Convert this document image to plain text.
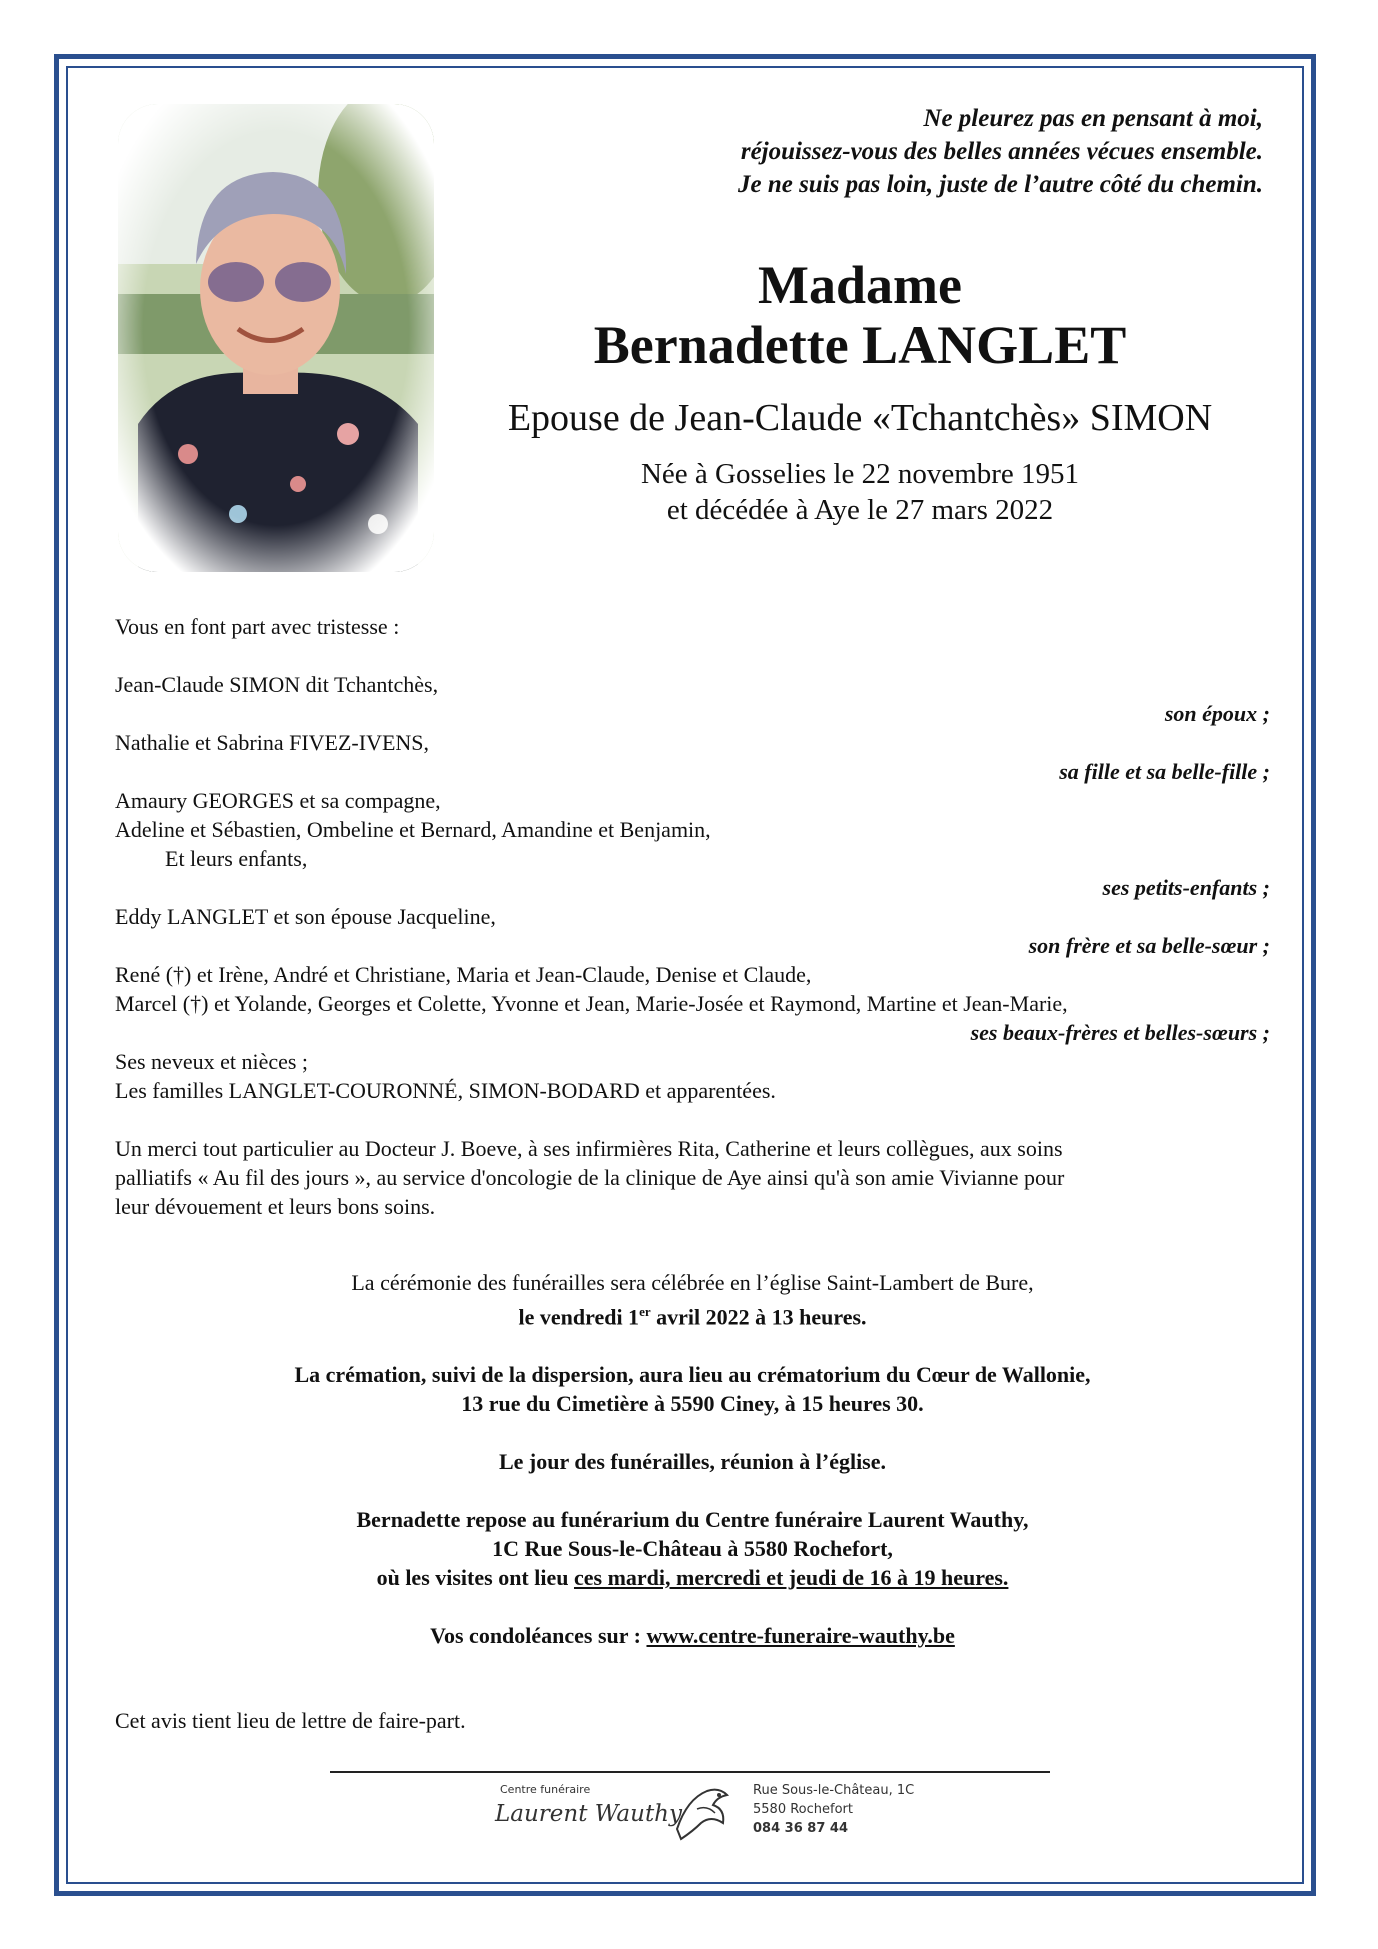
Ne pleurez pas en pensant à moi,
réjouissez-vous des belles années vécues ensemble.
Je ne suis pas loin, juste de l’autre côté du chemin.
Madame
Bernadette LANGLET
Epouse de Jean-Claude «Tchantchès» SIMON
Née à Gosselies le 22 novembre 1951
et décédée à Aye le 27 mars 2022
Vous en font part avec tristesse :
Jean-Claude SIMON dit Tchantchès,
son époux ;
Nathalie et Sabrina FIVEZ-IVENS,
sa fille et sa belle-fille ;
Amaury GEORGES et sa compagne,
Adeline et Sébastien, Ombeline et Bernard, Amandine et Benjamin,
Et leurs enfants,
ses petits-enfants ;
Eddy LANGLET et son épouse Jacqueline,
son frère et sa belle-sœur ;
René (†) et Irène, André et Christiane, Maria et Jean-Claude, Denise et Claude,
Marcel (†) et Yolande, Georges et Colette, Yvonne et Jean, Marie-Josée et Raymond, Martine et Jean-Marie,
ses beaux-frères et belles-sœurs ;
Ses neveux et nièces ;
Les familles LANGLET-COURONNÉ, SIMON-BODARD et apparentées.
Un merci tout particulier au Docteur J. Boeve, à ses infirmières Rita, Catherine et leurs collègues, aux soins
palliatifs « Au fil des jours », au service d'oncologie de la clinique de Aye ainsi qu'à son amie Vivianne pour
leur dévouement et leurs bons soins.
La cérémonie des funérailles sera célébrée en l’église Saint-Lambert de Bure,
le vendredi 1er avril 2022 à 13 heures.
La crémation, suivi de la dispersion, aura lieu au crématorium du Cœur de Wallonie,
13 rue du Cimetière à 5590 Ciney, à 15 heures 30.
Le jour des funérailles, réunion à l’église.
Bernadette repose au funérarium du Centre funéraire Laurent Wauthy,
1C Rue Sous-le-Château à 5580 Rochefort,
où les visites ont lieu ces mardi, mercredi et jeudi de 16 à 19 heures.
Vos condoléances sur : www.centre-funeraire-wauthy.be
Cet avis tient lieu de lettre de faire-part.
Centre funéraire
Laurent Wauthy
Rue Sous-le-Château, 1C
5580 Rochefort
084 36 87 44
